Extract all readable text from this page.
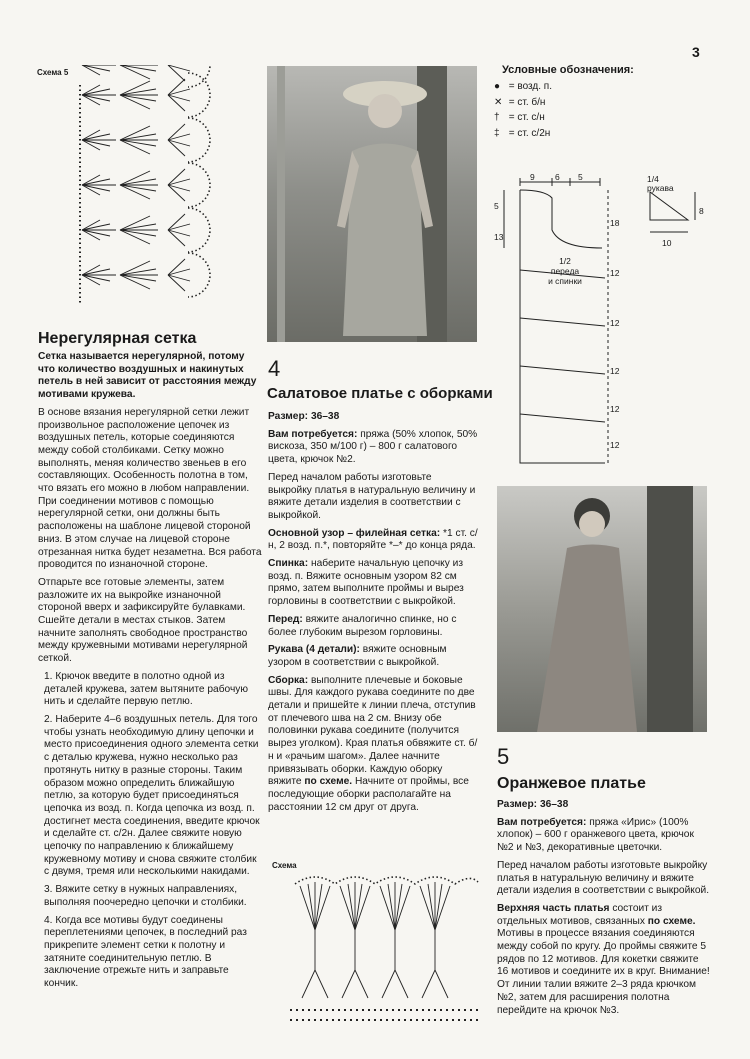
3
Схема 5
Нерегулярная сетка

Сетка называется нерегулярной, потому что количество воздушных и накинутых петель в ней зависит от расстояния между мотивами кружева.

В основе вязания нерегулярной сетки лежит произвольное расположение цепочек из воздушных петель, которые соединяются между собой столбиками. Сетку можно выполнять, меняя количество звеньев в его составляющих. Особенность полотна в том, что вязать его можно в любом направлении. При соединении мотивов с помощью нерегулярной сетки, они должны быть расположены на шаблоне лицевой стороной вниз. В этом случае на лицевой стороне отрезанная нитка будет незаметна. Вся работа проводится по изнаночной стороне.

Отпарьте все готовые элементы, затем разложите их на выкройке изнаночной стороной вверх и зафиксируйте булавками. Сшейте детали в местах стыков. Затем начните заполнять свободное пространство между кружевными мотивами нерегулярной сеткой.

1. Крючок введите в полотно одной из деталей кружева, затем вытяните рабочую нить и сделайте первую петлю.

2. Наберите 4–6 воздушных петель. Для того чтобы узнать необходимую длину цепочки и место присоединения одного элемента сетки с деталью кружева, нужно несколько раз протянуть нитку в разные стороны. Таким образом можно определить ближайшую петлю, за которую будет присоединяться цепочка из возд. п. Когда цепочка из возд. п. достигнет места соединения, введите крючок и сделайте ст. с/2н. Далее свяжите новую цепочку по направлению к ближайшему кружевному мотиву и снова свяжите столбик с двумя, тремя или несколькими накидами.

3. Вяжите сетку в нужных направлениях, выполняя поочередно цепочки и столбики.

4. Когда все мотивы будут соединены переплетениями цепочек, в последний раз прикрепите элемент сетки к полотну и затяните соединительную петлю. В заключение отрежьте нить и заправьте кончик.

4
Салатовое платье с оборками

Размер: 36–38

Вам потребуется: пряжа (50% хлопок, 50% вискоза, 350 м/100 г) – 800 г салатового цвета, крючок №2.

Перед началом работы изготовьте выкройку платья в натуральную величину и вяжите детали изделия в соответствии с выкройкой.

Основной узор – филейная сетка: *1 ст. с/н, 2 возд. п.*, повторяйте *–* до конца ряда.

Спинка: наберите начальную цепочку из возд. п. Вяжите основным узором 82 см прямо, затем выполните проймы и вырез горловины в соответствии с выкройкой.

Перед: вяжите аналогично спинке, но с более глубоким вырезом горловины.

Рукава (4 детали): вяжите основным узором в соответствии с выкройкой.

Сборка: выполните плечевые и боковые швы. Для каждого рукава соедините по две детали и пришейте к линии плеча, отступив от плечевого шва на 2 см. Внизу обе половинки рукава соедините (получится вырез уголком). Края платья обвяжите ст. б/н и «рачьим шагом». Далее начните привязывать оборки. Каждую оборку вяжите по схеме. Начните от проймы, все последующие оборки располагайте на расстоянии 12 см друг от друга.

Схема
Условные обозначения:
● = возд. п.
✕ = ст. б/н
† = ст. с/н
‡ = ст. с/2н
9 6 5
5
13
18
12
12
12
12
12
1/2
переда
и спинки
1/4
рукава
10
8
5
Оранжевое платье

Размер: 36–38

Вам потребуется: пряжа «Ирис» (100% хлопок) – 600 г оранжевого цвета, крючок №2 и №3, декоративные цветочки.

Перед началом работы изготовьте выкройку платья в натуральную величину и вяжите детали изделия в соответствии с выкройкой.

Верхняя часть платья состоит из отдельных мотивов, связанных по схеме. Мотивы в процессе вязания соединяются между собой по кругу. До проймы свяжите 5 рядов по 12 мотивов. Для кокетки свяжите 16 мотивов и соедините их в круг. Внимание! От линии талии вяжите 2–3 ряда крючком №2, затем для расширения полотна перейдите на крючок №3.
